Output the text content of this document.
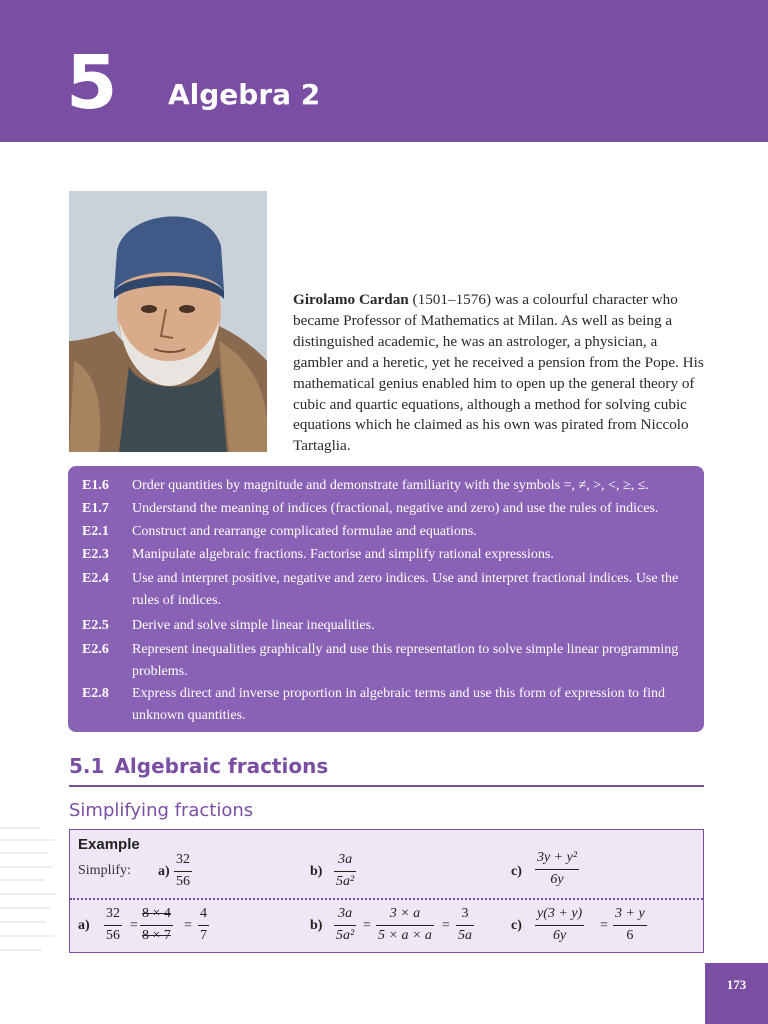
5 Algebra 2
Girolamo Cardan (1501–1576) was a colourful character who became Professor of Mathematics at Milan. As well as being a distinguished academic, he was an astrologer, a physician, a gambler and a heretic, yet he received a pension from the Pope. His mathematical genius enabled him to open up the general theory of cubic and quartic equations, although a method for solving cubic equations which he claimed as his own was pirated from Niccolo Tartaglia.
E1.6 Order quantities by magnitude and demonstrate familiarity with the symbols =, ≠, >, <, ≥, ≤.
E1.7 Understand the meaning of indices (fractional, negative and zero) and use the rules of indices.
E2.1 Construct and rearrange complicated formulae and equations.
E2.3 Manipulate algebraic fractions. Factorise and simplify rational expressions.
E2.4 Use and interpret positive, negative and zero indices. Use and interpret fractional indices. Use the rules of indices.
E2.5 Derive and solve simple linear inequalities.
E2.6 Represent inequalities graphically and use this representation to solve simple linear programming problems.
E2.8 Express direct and inverse proportion in algebraic terms and use this form of expression to find unknown quantities.
5.1 Algebraic fractions
Simplifying fractions
Example
Simplify: a)
32
56
b)
3a
5a²
c)
3y + y²
6y
a)
32
56
=
8 × 4
8 × 7
=
4
7
b)
3a
5a²
=
3 × a
5 × a × a
=
3
5a
c)
y(3 + y)
6y
=
3 + y
6
173
